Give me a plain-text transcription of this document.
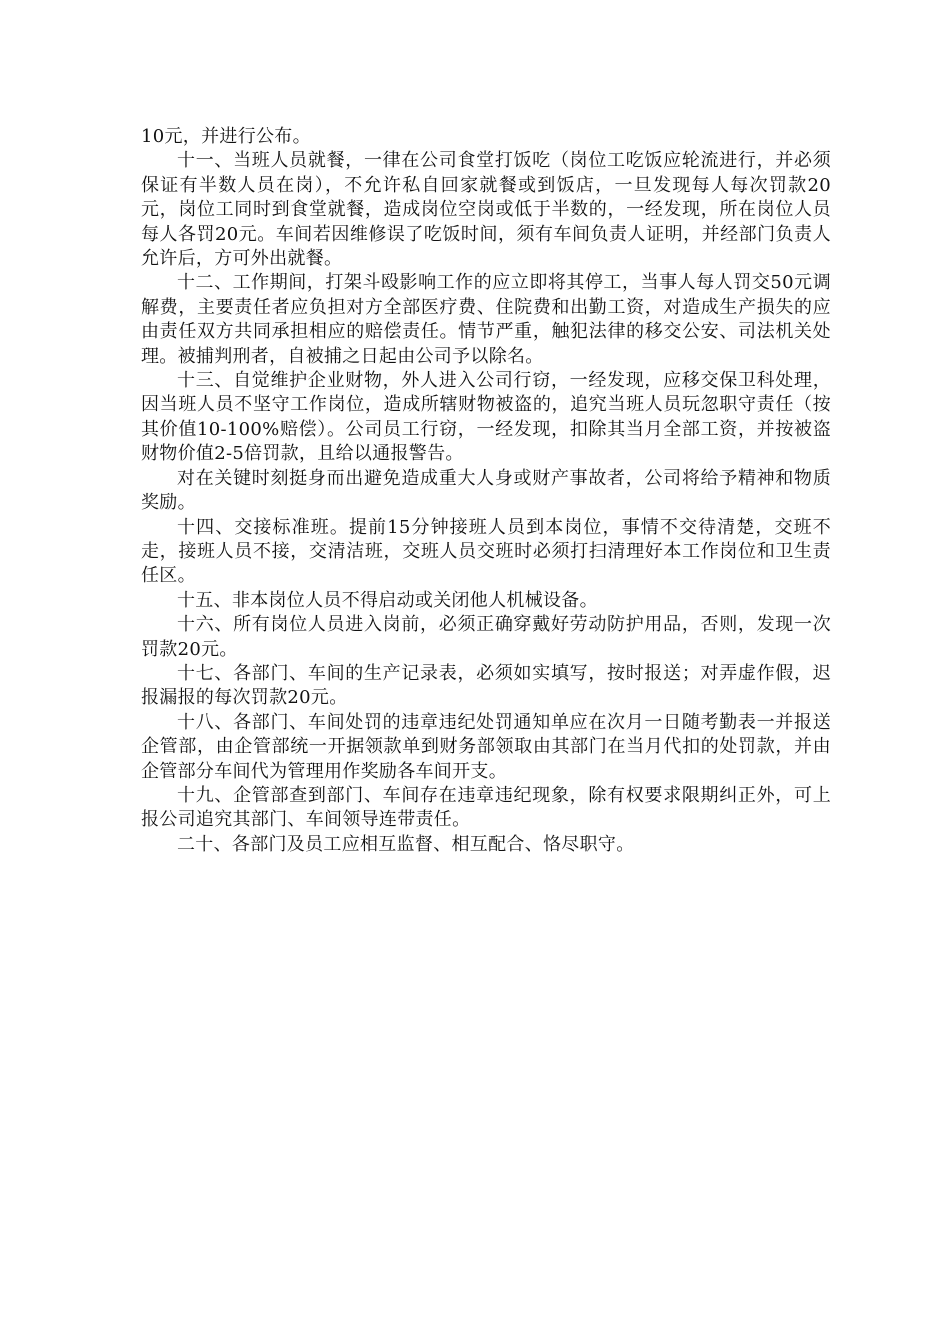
10元，并进行公布。

十一、当班人员就餐，一律在公司食堂打饭吃（岗位工吃饭应轮流进行，并必须保证有半数人员在岗），不允许私自回家就餐或到饭店，一旦发现每人每次罚款20元，岗位工同时到食堂就餐，造成岗位空岗或低于半数的，一经发现，所在岗位人员每人各罚20元。车间若因维修误了吃饭时间，须有车间负责人证明，并经部门负责人允许后，方可外出就餐。

十二、工作期间，打架斗殴影响工作的应立即将其停工，当事人每人罚交50元调解费，主要责任者应负担对方全部医疗费、住院费和出勤工资，对造成生产损失的应由责任双方共同承担相应的赔偿责任。情节严重，触犯法律的移交公安、司法机关处理。被捕判刑者，自被捕之日起由公司予以除名。

十三、自觉维护企业财物，外人进入公司行窃，一经发现，应移交保卫科处理，因当班人员不坚守工作岗位，造成所辖财物被盗的，追究当班人员玩忽职守责任（按其价值10-100%赔偿）。公司员工行窃，一经发现，扣除其当月全部工资，并按被盗财物价值2-5倍罚款，且给以通报警告。

对在关键时刻挺身而出避免造成重大人身或财产事故者，公司将给予精神和物质奖励。

十四、交接标准班。提前15分钟接班人员到本岗位，事情不交待清楚，交班不走，接班人员不接，交清洁班，交班人员交班时必须打扫清理好本工作岗位和卫生责任区。

十五、非本岗位人员不得启动或关闭他人机械设备。

十六、所有岗位人员进入岗前，必须正确穿戴好劳动防护用品，否则，发现一次罚款20元。

十七、各部门、车间的生产记录表，必须如实填写，按时报送；对弄虚作假，迟报漏报的每次罚款20元。

十八、各部门、车间处罚的违章违纪处罚通知单应在次月一日随考勤表一并报送企管部，由企管部统一开据领款单到财务部领取由其部门在当月代扣的处罚款，并由企管部分车间代为管理用作奖励各车间开支。

十九、企管部查到部门、车间存在违章违纪现象，除有权要求限期纠正外，可上报公司追究其部门、车间领导连带责任。

二十、各部门及员工应相互监督、相互配合、恪尽职守。
